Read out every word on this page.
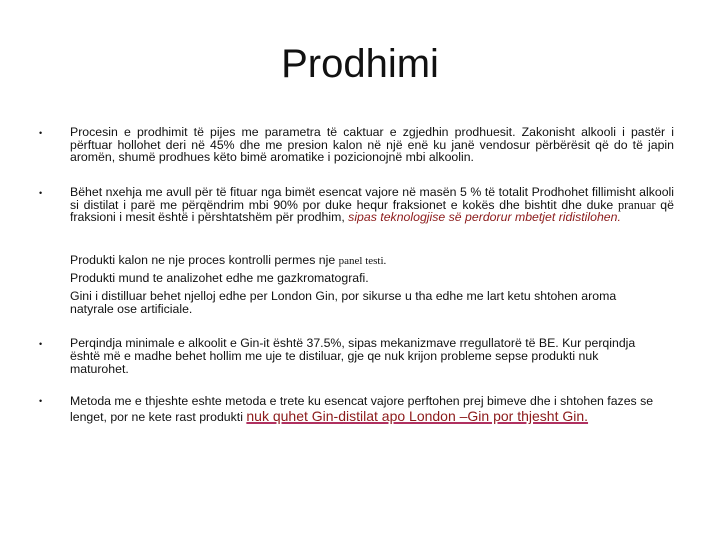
Prodhimi
• Procesin e prodhimit të pijes me parametra të caktuar e zgjedhin prodhuesit. Zakonisht alkooli i pastër i përftuar hollohet deri në 45% dhe me presion kalon në një enë ku janë vendosur përbërësit që do të japin aromën, shumë prodhues këto bimë aromatike i pozicionojnë mbi alkoolin.
• Bëhet nxehja me avull për të fituar nga bimët esencat vajore në masën 5 % të totalit Prodhohet fillimisht alkooli si distilat i parë me përqëndrim mbi 90% por duke hequr fraksionet e kokës dhe bishtit dhe duke pranuar që fraksioni i mesit është i përshtatshëm për prodhim, sipas teknologjise së perdorur mbetjet ridistilohen.
Produkti kalon ne nje proces kontrolli permes nje panel testi.
Produkti mund te analizohet edhe me gazkromatografi.
Gini i distilluar behet njelloj edhe per London Gin, por sikurse u tha edhe me lart ketu shtohen aroma natyrale ose artificiale.
• Perqindja minimale e alkoolit e Gin-it është 37.5%, sipas mekanizmave rregullatorë të BE. Kur perqindja është më e madhe behet hollim me uje te distiluar, gje qe nuk krijon probleme sepse produkti nuk maturohet.
• Metoda me e thjeshte eshte metoda e trete ku esencat vajore perftohen prej bimeve dhe i shtohen fazes se lenget, por ne kete rast produkti nuk quhet Gin-distilat apo London –Gin por thjesht Gin.
